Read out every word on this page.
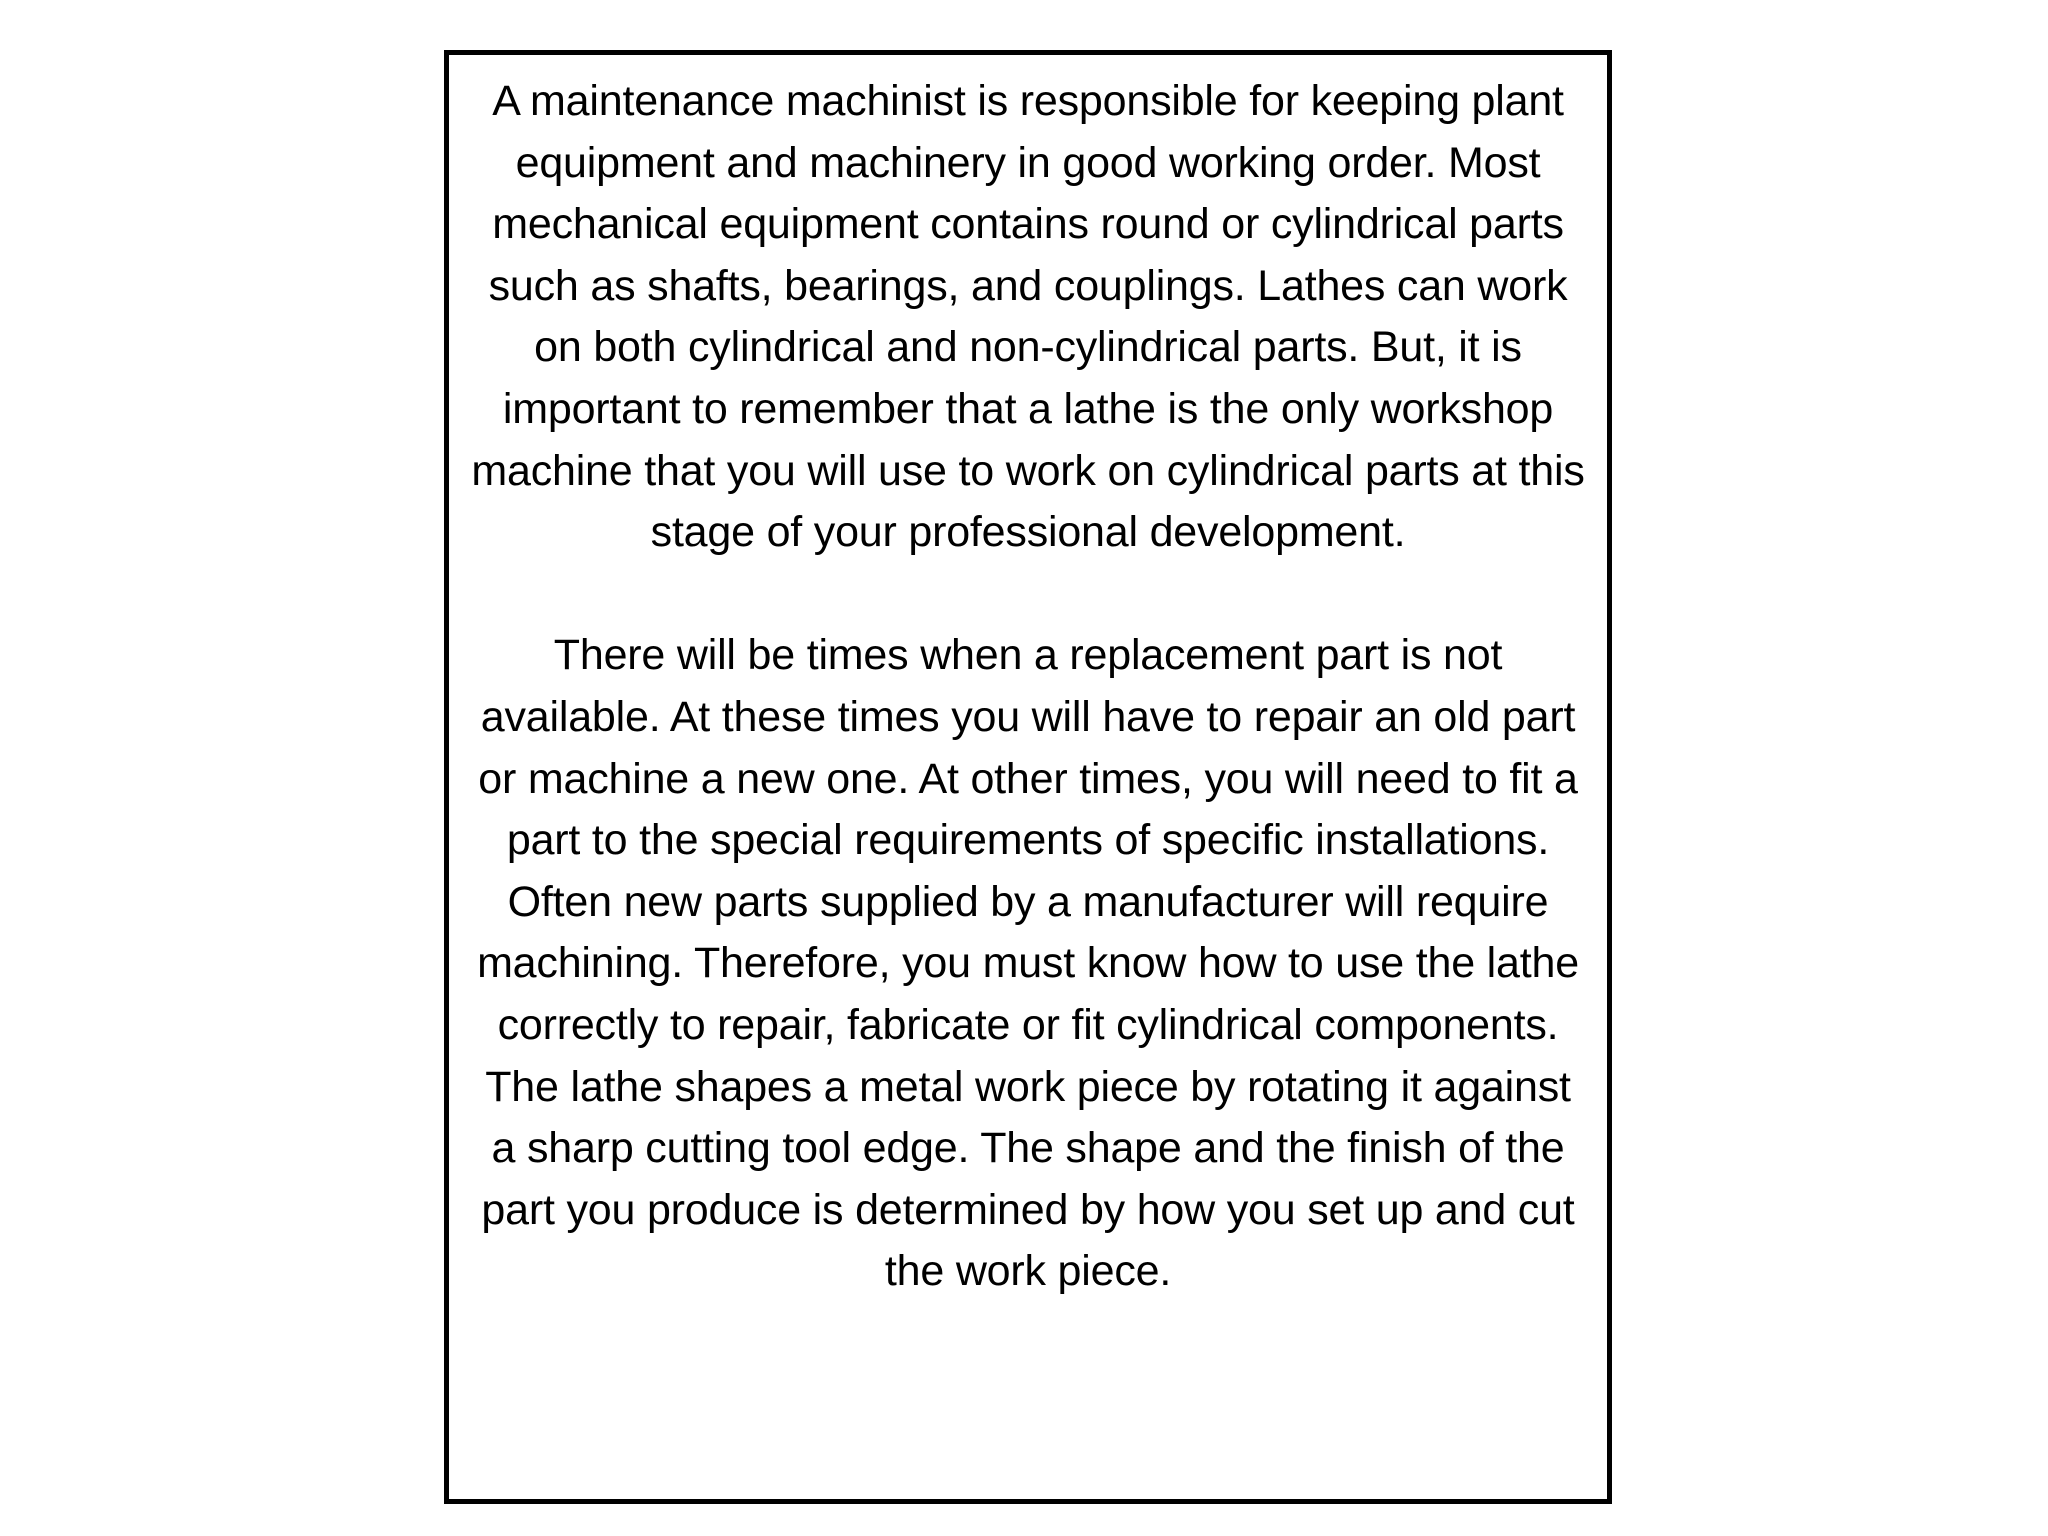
A maintenance machinist is responsible for keeping plant equipment and machinery in good working order. Most mechanical equipment contains round or cylindrical parts such as shafts, bearings, and couplings. Lathes can work on both cylindrical and non-cylindrical parts. But, it is important to remember that a lathe is the only workshop machine that you will use to work on cylindrical parts at this stage of your professional development.

There will be times when a replacement part is not available. At these times you will have to repair an old part or machine a new one. At other times, you will need to fit a part to the special requirements of specific installations. Often new parts supplied by a manufacturer will require machining. Therefore, you must know how to use the lathe correctly to repair, fabricate or fit cylindrical components.

The lathe shapes a metal work piece by rotating it against a sharp cutting tool edge. The shape and the finish of the part you produce is determined by how you set up and cut the work piece.
